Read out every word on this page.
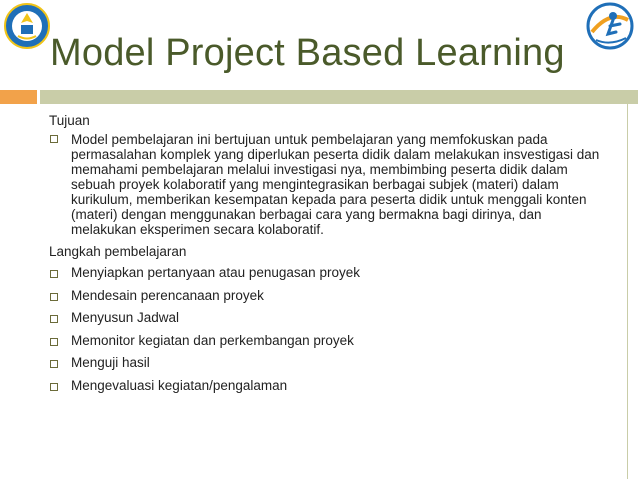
Model Project Based Learning

Tujuan

Model pembelajaran ini bertujuan untuk pembelajaran yang memfokuskan pada permasalahan komplek yang diperlukan peserta didik dalam melakukan insvestigasi dan memahami pembelajaran melalui investigasi nya, membimbing peserta didik dalam sebuah proyek kolaboratif yang mengintegrasikan berbagai subjek (materi) dalam kurikulum, memberikan kesempatan kepada para peserta didik untuk menggali konten (materi) dengan menggunakan berbagai cara yang bermakna bagi dirinya, dan melakukan eksperimen secara kolaboratif.

Langkah pembelajaran

Menyiapkan pertanyaan atau penugasan proyek
Mendesain perencanaan proyek
Menyusun Jadwal
Memonitor kegiatan dan perkembangan proyek
Menguji hasil
Mengevaluasi kegiatan/pengalaman
